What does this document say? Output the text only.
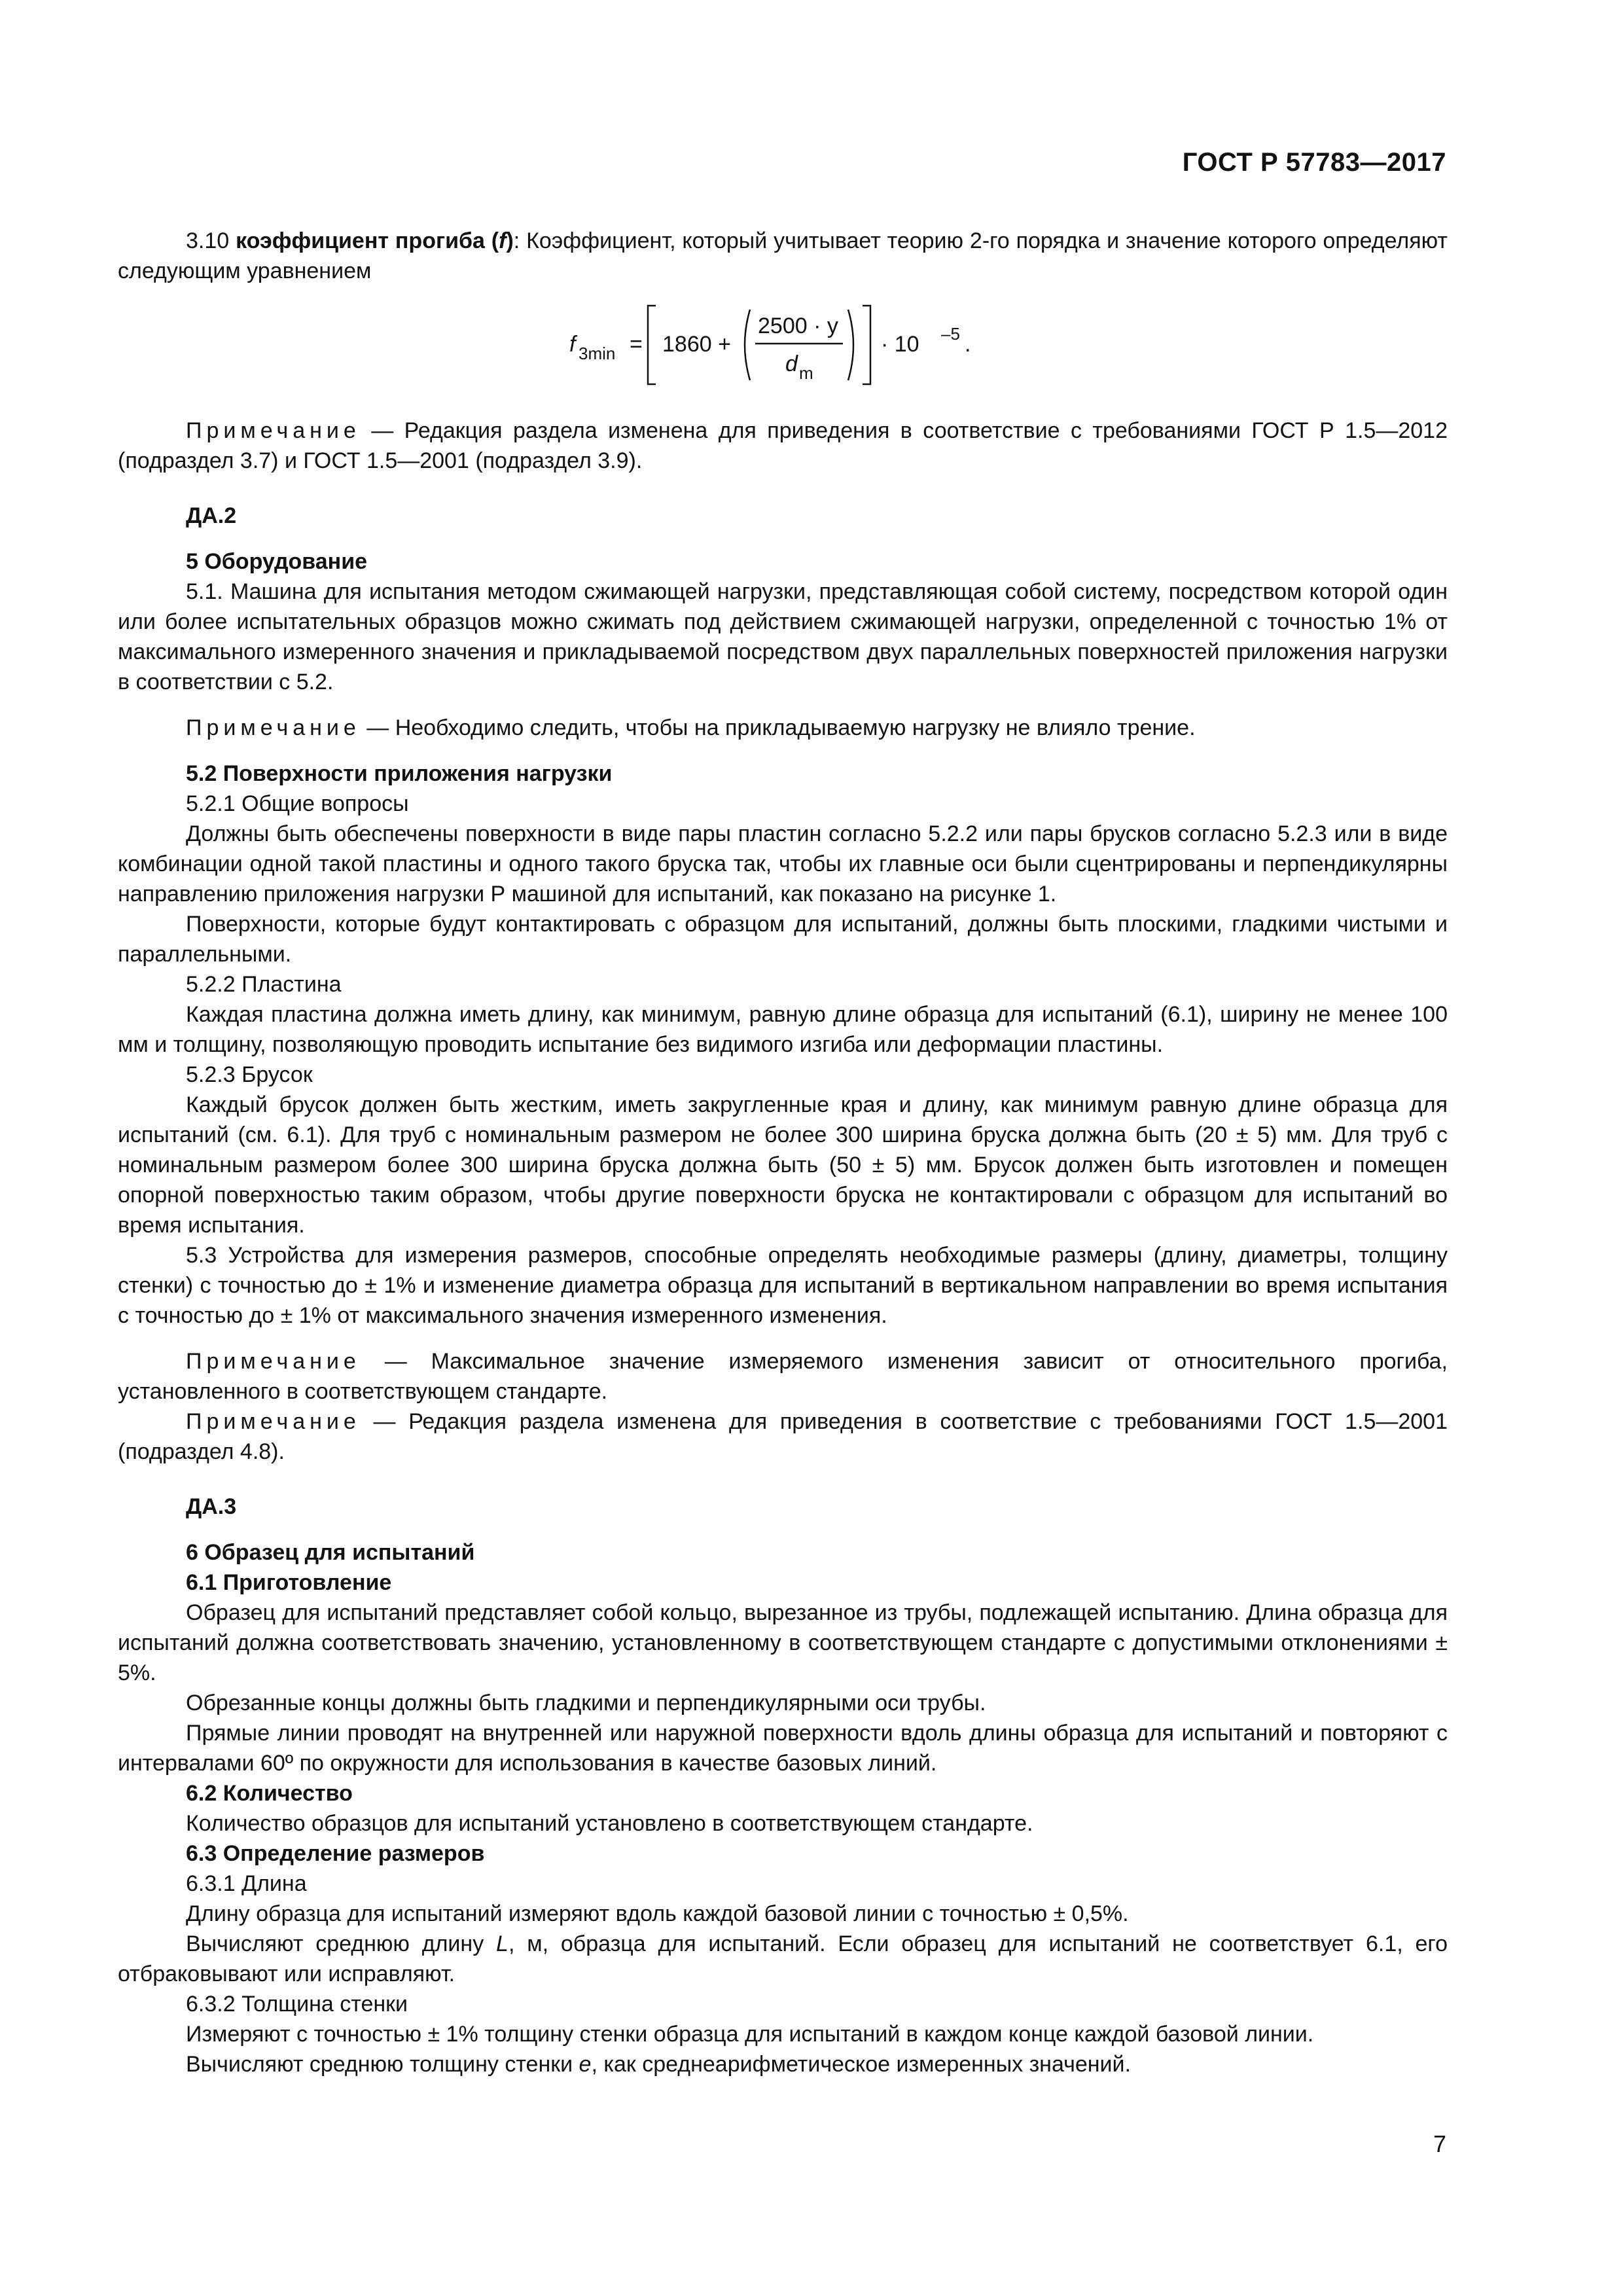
ГОСТ Р 57783—2017

3.10 коэффициент прогиба (f): Коэффициент, который учитывает теорию 2-го порядка и значение которого определяют следующим уравнением

f 3min = 1860 +
2500 · y
d m
· 10 –5 .

Примечание — Редакция раздела изменена для приведения в соответствие с требованиями ГОСТ Р 1.5—2012 (подраздел 3.7) и ГОСТ 1.5—2001 (подраздел 3.9).

ДА.2

5 Оборудование

5.1. Машина для испытания методом сжимающей нагрузки, представляющая собой систему, посредством которой один или более испытательных образцов можно сжимать под действием сжимающей нагрузки, определенной с точностью 1% от максимального измеренного значения и прикладываемой посредством двух параллельных поверхностей приложения нагрузки в соответствии с 5.2.

Примечание — Необходимо следить, чтобы на прикладываемую нагрузку не влияло трение.

5.2 Поверхности приложения нагрузки

5.2.1 Общие вопросы

Должны быть обеспечены поверхности в виде пары пластин согласно 5.2.2 или пары брусков согласно 5.2.3 или в виде комбинации одной такой пластины и одного такого бруска так, чтобы их главные оси были сцентрированы и перпендикулярны направлению приложения нагрузки Р машиной для испытаний, как показано на рисунке 1.

Поверхности, которые будут контактировать с образцом для испытаний, должны быть плоскими, гладкими чистыми и параллельными.

5.2.2 Пластина

Каждая пластина должна иметь длину, как минимум, равную длине образца для испытаний (6.1), ширину не менее 100 мм и толщину, позволяющую проводить испытание без видимого изгиба или деформации пластины.

5.2.3 Брусок

Каждый брусок должен быть жестким, иметь закругленные края и длину, как минимум равную длине образца для испытаний (см. 6.1). Для труб с номинальным размером не более 300 ширина бруска должна быть (20 ± 5) мм. Для труб с номинальным размером более 300 ширина бруска должна быть (50 ± 5) мм. Брусок должен быть изготовлен и помещен опорной поверхностью таким образом, чтобы другие поверхности бруска не контактировали с образцом для испытаний во время испытания.

5.3 Устройства для измерения размеров, способные определять необходимые размеры (длину, диаметры, толщину стенки) с точностью до ± 1% и изменение диаметра образца для испытаний в вертикальном направлении во время испытания с точностью до ± 1% от максимального значения измеренного изменения.

Примечание — Максимальное значение измеряемого изменения зависит от относительного прогиба, установленного в соответствующем стандарте.

Примечание — Редакция раздела изменена для приведения в соответствие с требованиями ГОСТ 1.5—2001 (подраздел 4.8).

ДА.3

6 Образец для испытаний

6.1 Приготовление

Образец для испытаний представляет собой кольцо, вырезанное из трубы, подлежащей испытанию. Длина образца для испытаний должна соответствовать значению, установленному в соответствующем стандарте с допустимыми отклонениями ± 5%.

Обрезанные концы должны быть гладкими и перпендикулярными оси трубы.

Прямые линии проводят на внутренней или наружной поверхности вдоль длины образца для испытаний и повторяют с интервалами 60º по окружности для использования в качестве базовых линий.

6.2 Количество

Количество образцов для испытаний установлено в соответствующем стандарте.

6.3 Определение размеров

6.3.1 Длина

Длину образца для испытаний измеряют вдоль каждой базовой линии с точностью ± 0,5%.

Вычисляют среднюю длину L, м, образца для испытаний. Если образец для испытаний не соответствует 6.1, его отбраковывают или исправляют.

6.3.2 Толщина стенки

Измеряют с точностью ± 1% толщину стенки образца для испытаний в каждом конце каждой базовой линии.

Вычисляют среднюю толщину стенки e, как среднеарифметическое измеренных значений.

7
